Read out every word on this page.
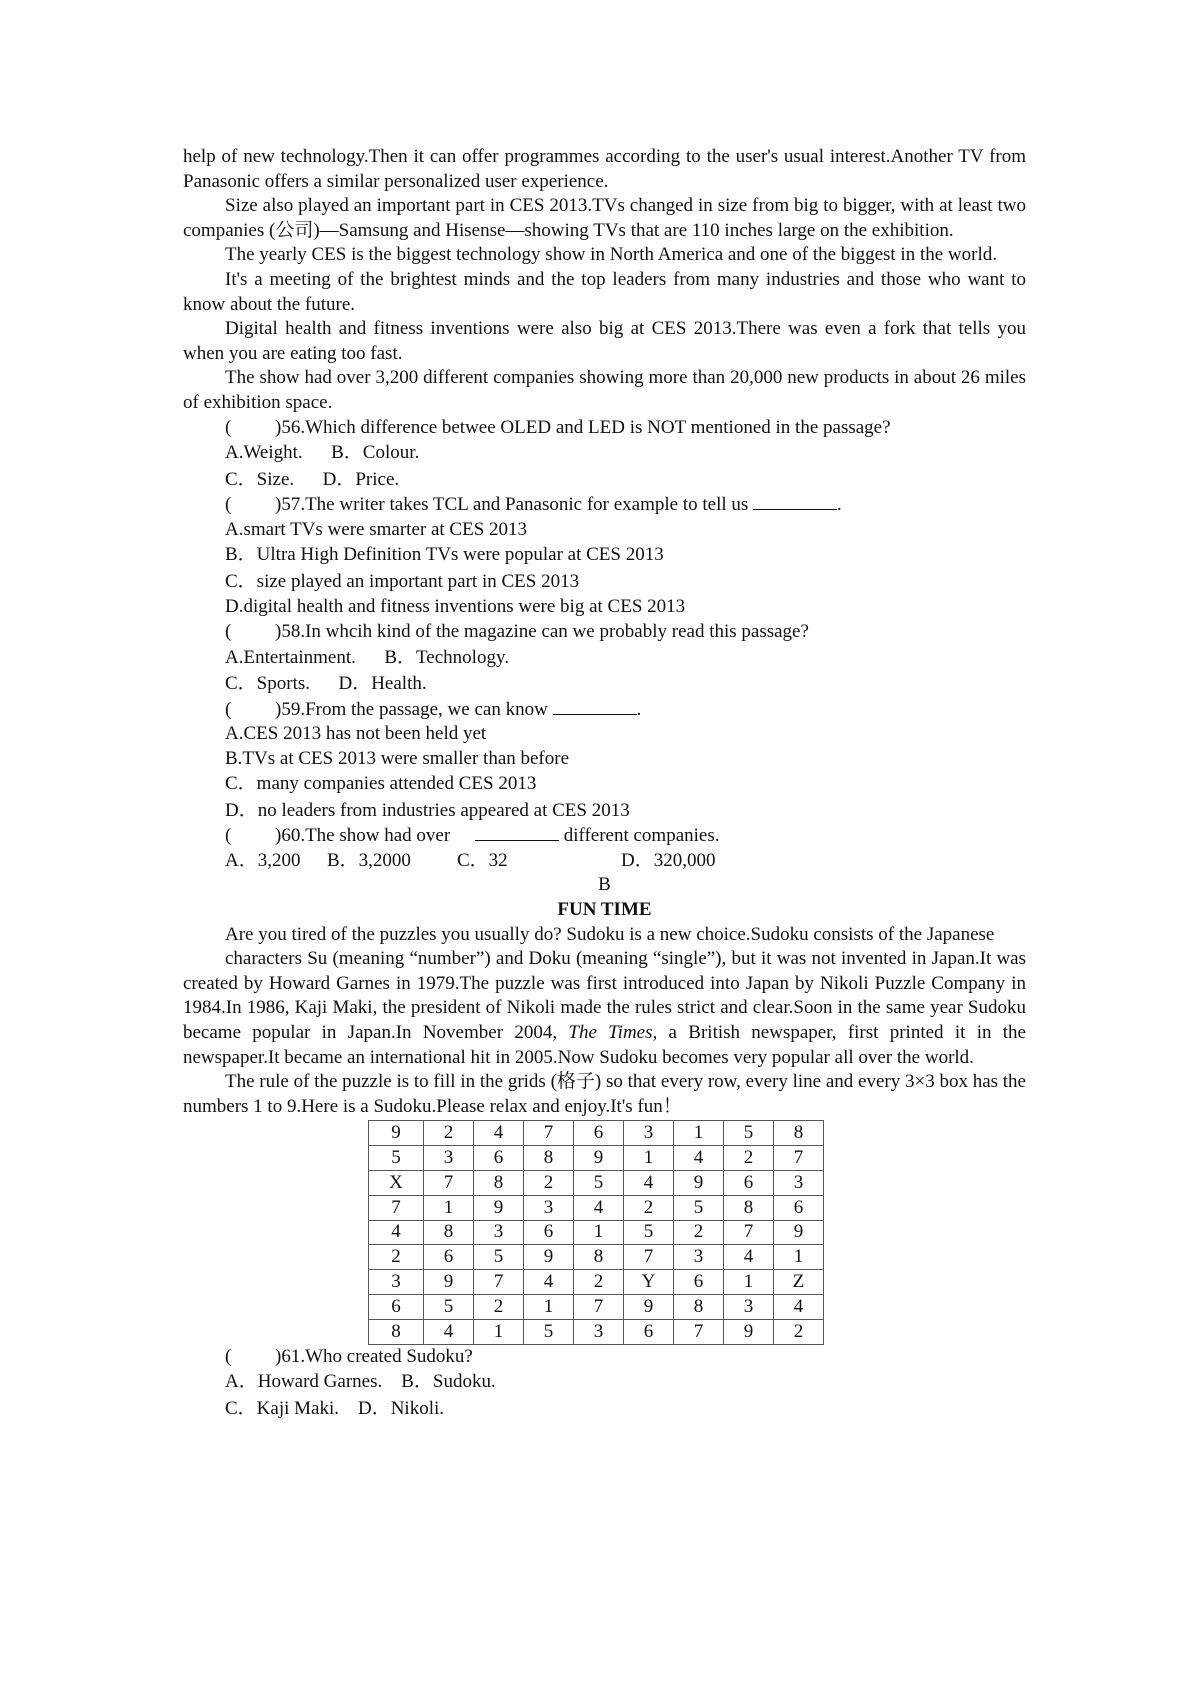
help of new technology.Then it can offer programmes according to the user's usual interest.Another TV from Panasonic offers a similar personalized user experience.

Size also played an important part in CES 2013.TVs changed in size from big to bigger, with at least two companies (公司)—Samsung and Hisense—showing TVs that are 110 inches large on the exhibition.

The yearly CES is the biggest technology show in North America and one of the biggest in the world.

It's a meeting of the brightest minds and the top leaders from many industries and those who want to know about the future.

Digital health and fitness inventions were also big at CES 2013.There was even a fork that tells you when you are eating too fast.

The show had over 3,200 different companies showing more than 20,000 new products in about 26 miles of exhibition space.

( )56.Which difference betwee OLED and LED is NOT mentioned in the passage?

A.Weight.      B．Colour.

C．Size.      D．Price.

( )57.The writer takes TCL and Panasonic for example to tell us	.

A.smart TVs were smarter at CES 2013

B．Ultra High Definition TVs were popular at CES 2013

C．size played an important part in CES 2013

D.digital health and fitness inventions were big at CES 2013

( )58.In whcih kind of the magazine can we probably read this passage?

A.Entertainment.      B．Technology.

C．Sports.      D．Health.

( )59.From the passage, we can know	.

A.CES 2013 has not been held yet

B.TVs at CES 2013 were smaller than before

C．many companies attended CES 2013

D．no leaders from industries appeared at CES 2013

( )60.The show had over	different companies.

A．3,200 B．3,2000 C．32	D．320,000

B

FUN TIME

Are you tired of the puzzles you usually do? Sudoku is a new choice.Sudoku consists of the Japanese

characters Su (meaning “number”) and Doku (meaning “single”), but it was not invented in Japan.It was created by Howard Garnes in 1979.The puzzle was first introduced into Japan by Nikoli Puzzle Company in 1984.In 1986, Kaji Maki, the president of Nikoli made the rules strict and clear.Soon in the same year Sudoku became popular in Japan.In November 2004, The Times, a British newspaper, first printed it in the newspaper.It became an international hit in 2005.Now Sudoku becomes very popular all over the world.

The rule of the puzzle is to fill in the grids (格子) so that every row, every line and every 3×3 box has the numbers 1 to 9.Here is a Sudoku.Please relax and enjoy.It's fun！

9	2	4	7	6	3	1	5	8
5	3	6	8	9	1	4	2	7
X	7	8	2	5	4	9	6	3
7	1	9	3	4	2	5	8	6
4	8	3	6	1	5	2	7	9
2	6	5	9	8	7	3	4	1
3	9	7	4	2	Y	6	1	Z
6	5	2	1	7	9	8	3	4
8	4	1	5	3	6	7	9	2

( )61.Who created Sudoku?

A．Howard Garnes.    B．Sudoku.

C．Kaji Maki.    D．Nikoli.
